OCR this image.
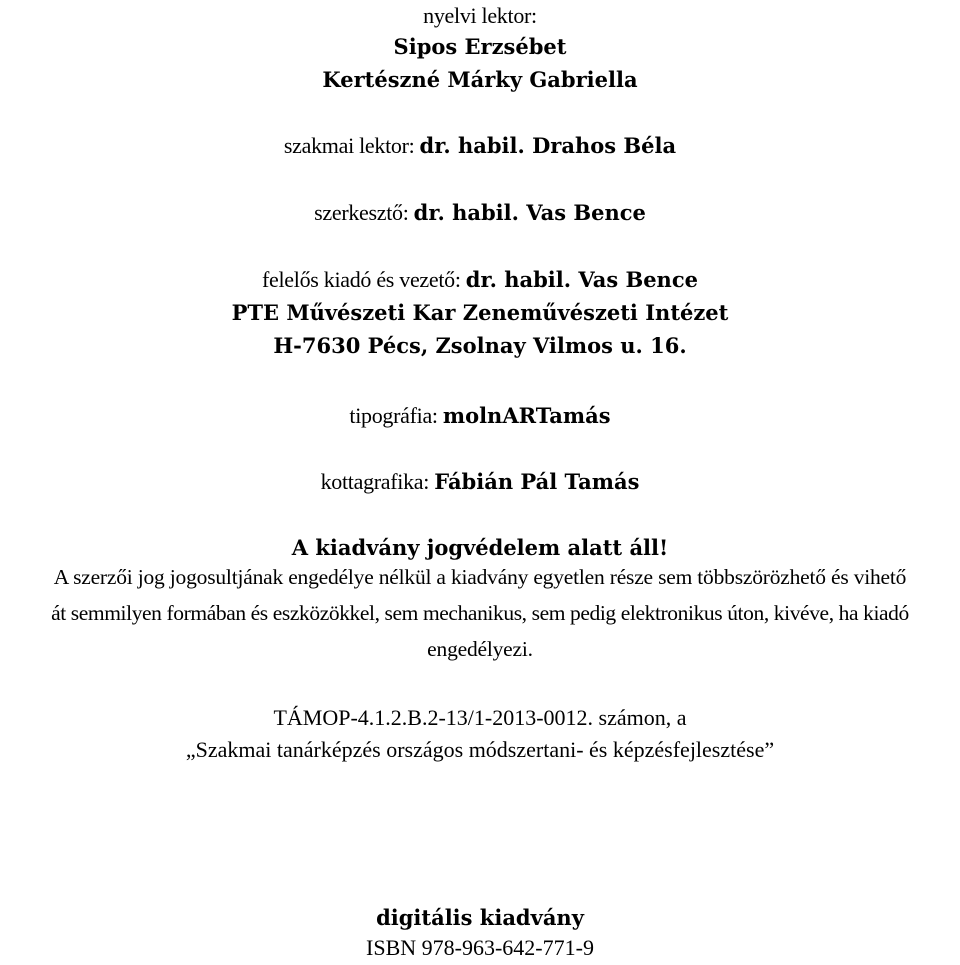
nyelvi lektor:
Sipos Erzsébet
Kertészné Márky Gabriella
szakmai lektor: dr. habil. Drahos Béla
szerkesztő: dr. habil. Vas Bence
felelős kiadó és vezető: dr. habil. Vas Bence
PTE Művészeti Kar Zeneművészeti Intézet
H-7630 Pécs, Zsolnay Vilmos u. 16.
tipográfia: molnARTamás
kottagrafika: Fábián Pál Tamás
A kiadvány jogvédelem alatt áll!
A szerzői jog jogosultjának engedélye nélkül a kiadvány egyetlen része sem többszörözhető és vihető
át semmilyen formában és eszközökkel, sem mechanikus, sem pedig elektronikus úton, kivéve, ha kiadó
engedélyezi.
TÁMOP-4.1.2.B.2-13/1-2013-0012. számon, a
„Szakmai tanárképzés országos módszertani- és képzésfejlesztése”
digitális kiadvány
ISBN 978-963-642-771-9
